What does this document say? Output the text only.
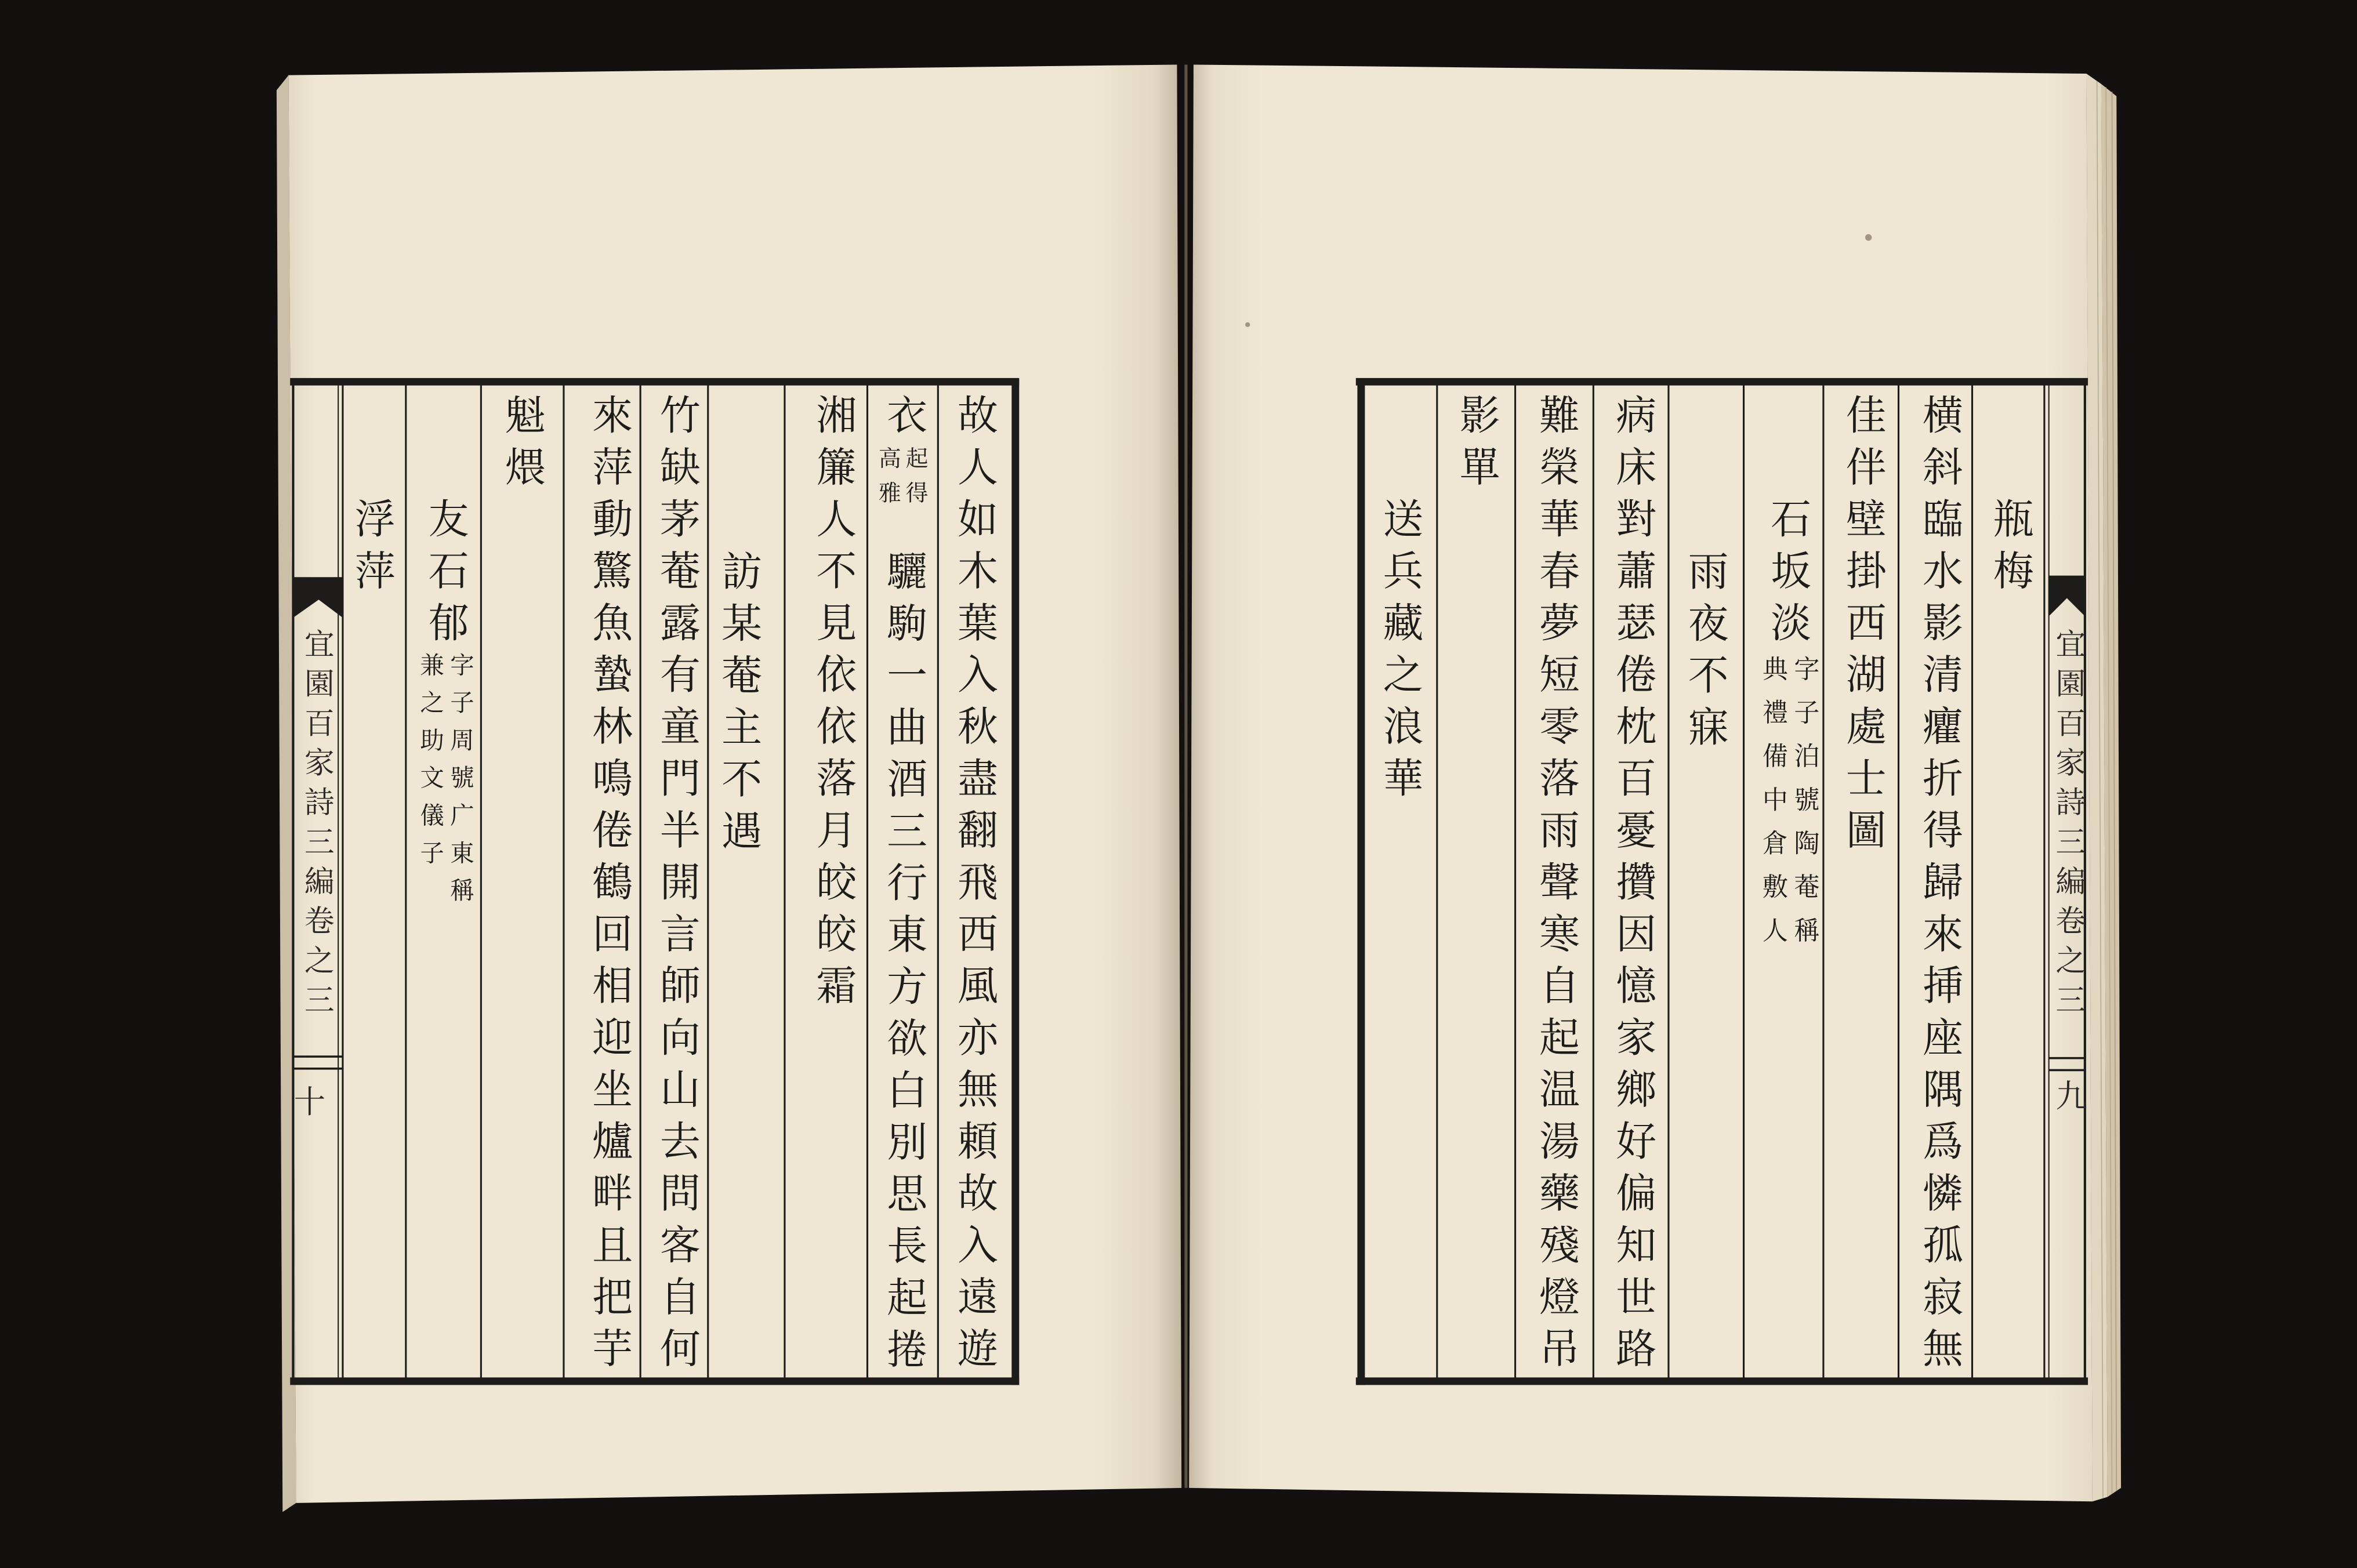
宜園百家詩三編卷之三
九
瓶梅
横斜臨水影清癯折得歸來挿座隅爲憐孤寂無
佳伴壁掛西湖處士圖
石坂淡
字子泊號陶菴稱
典禮備中倉敷人
雨夜不寐
病床對蕭瑟倦枕百憂攢因憶家鄉好偏知世路
難榮華春夢短零落雨聲寒自起温湯藥殘燈吊
影單
送兵藏之浪華
故人如木葉入秋盡翻飛西風亦無頼故入遠遊
衣
起得
高雅
驪駒一曲酒三行東方欲白別思長起捲
湘簾人不見依依落月皎皎霜
訪某菴主不遇
竹缺茅菴露有童門半開言師向山去問客自何
來萍動驚魚蟄林鳴倦鶴回相迎坐爐畔且把芋
魁煨
友石郁
字子周號广東稱
兼之助文儀子
浮萍
宜園百家詩三編卷之三
十
